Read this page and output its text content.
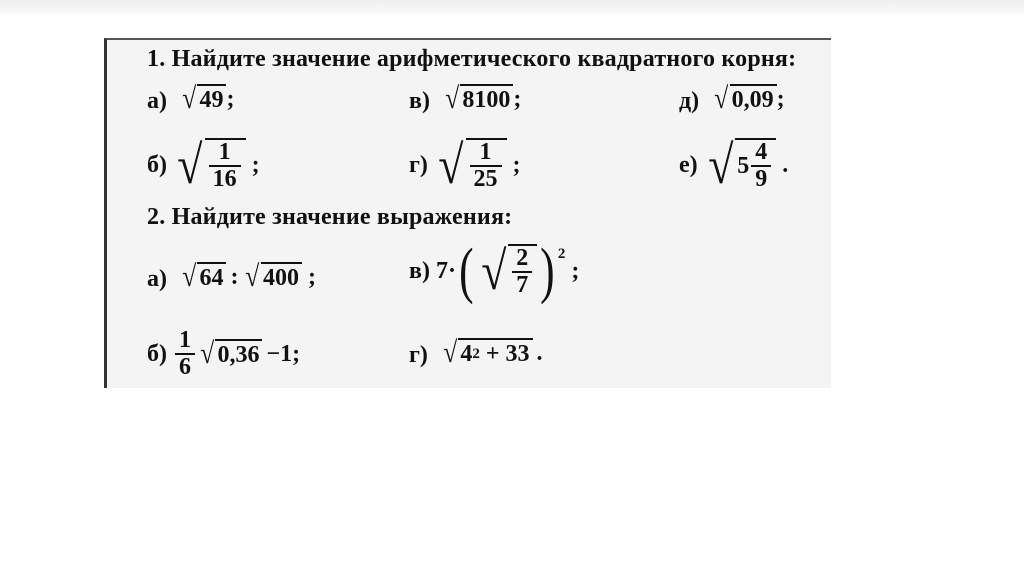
1. Найдите значение арифметического квадратного корня:
а) √ 49 ;	в) √ 8100 ;	д) √ 0,09 ;
б) √ $\frac{1}{16}$ ;	г) √ $\frac{1}{25}$ ;	е) √ $5 \frac{4}{9}$ .
2. Найдите значение выражения:
а) √ 64 : √ 400 ;	в) 7· ( √ $\frac{2}{7} )^2$
;
$б) \frac{1}{6}$ √ 0,36 −1;	г) √ 4 2 + 33 .
